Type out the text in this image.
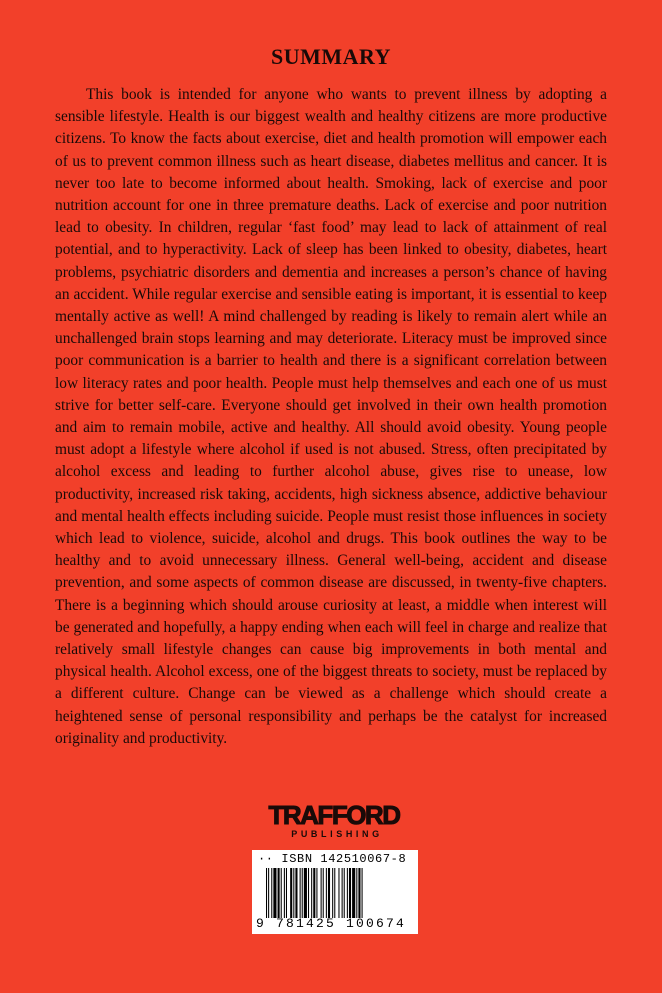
SUMMARY
This book is intended for anyone who wants to prevent illness by adopting a sensible lifestyle. Health is our biggest wealth and healthy citizens are more productive citizens. To know the facts about exercise, diet and health promotion will empower each of us to prevent common illness such as heart disease, diabetes mellitus and cancer. It is never too late to become informed about health. Smoking, lack of exercise and poor nutrition account for one in three premature deaths. Lack of exercise and poor nutrition lead to obesity. In children, regular ‘fast food’ may lead to lack of attainment of real potential, and to hyperactivity. Lack of sleep has been linked to obesity, diabetes, heart problems, psychiatric disorders and dementia and increases a person’s chance of having an accident. While regular exercise and sensible eating is important, it is essential to keep mentally active as well! A mind challenged by reading is likely to remain alert while an unchallenged brain stops learning and may deteriorate. Literacy must be improved since poor communication is a barrier to health and there is a significant correlation between low literacy rates and poor health. People must help themselves and each one of us must strive for better self-care. Everyone should get involved in their own health promotion and aim to remain mobile, active and healthy. All should avoid obesity. Young people must adopt a lifestyle where alcohol if used is not abused. Stress, often precipitated by alcohol excess and leading to further alcohol abuse, gives rise to unease, low productivity, increased risk taking, accidents, high sickness absence, addictive behaviour and mental health effects including suicide. People must resist those influences in society which lead to violence, suicide, alcohol and drugs. This book outlines the way to be healthy and to avoid unnecessary illness. General well-being, accident and disease prevention, and some aspects of common disease are discussed, in twenty-five chapters. There is a beginning which should arouse curiosity at least, a middle when interest will be generated and hopefully, a happy ending when each will feel in charge and realize that relatively small lifestyle changes can cause big improvements in both mental and physical health. Alcohol excess, one of the biggest threats to society, must be replaced by a different culture. Change can be viewed as a challenge which should create a heightened sense of personal responsibility and perhaps be the catalyst for increased originality and productivity.
TRAFFORD
PUBLISHING
·· ISBN 142510067-8
9 781425 100674
